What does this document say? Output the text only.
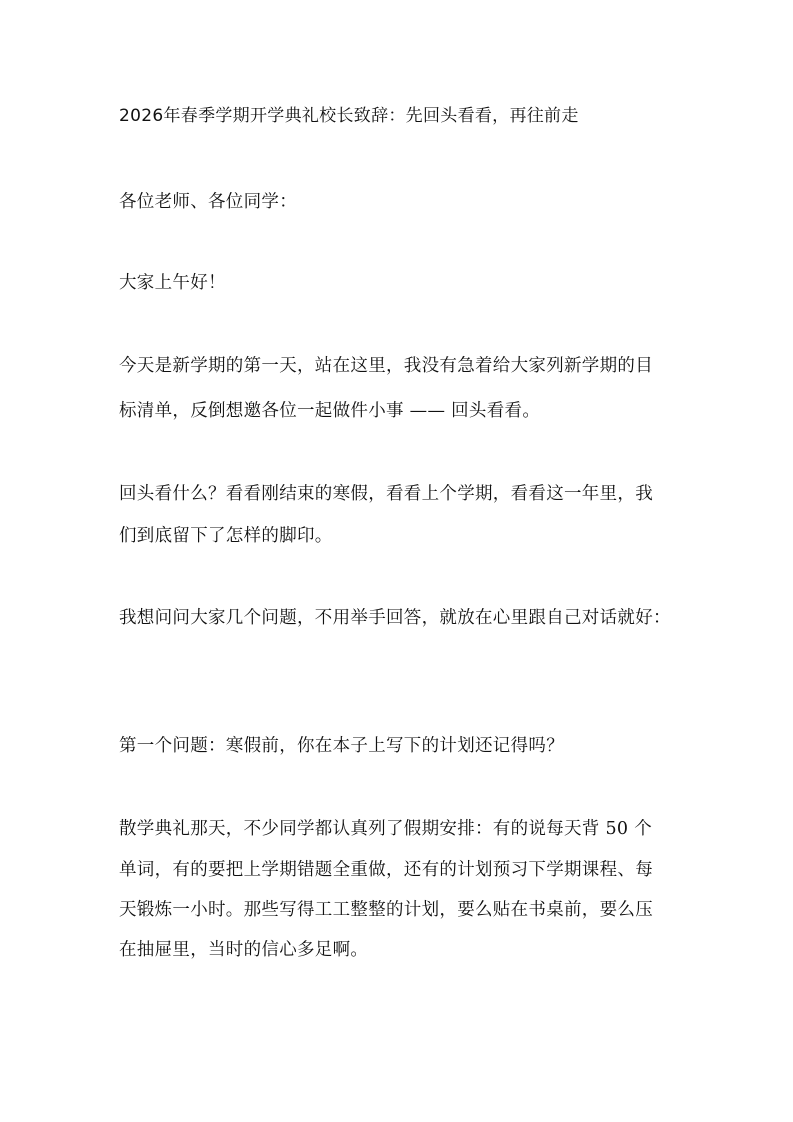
2026年春季学期开学典礼校长致辞：先回头看看，再往前走
各位老师、各位同学：
大家上午好！
今天是新学期的第一天，站在这里，我没有急着给大家列新学期的目
标清单，反倒想邀各位一起做件小事 —— 回头看看。
回头看什么？看看刚结束的寒假，看看上个学期，看看这一年里，我
们到底留下了怎样的脚印。
我想问问大家几个问题，不用举手回答，就放在心里跟自己对话就好：
第一个问题：寒假前，你在本子上写下的计划还记得吗？
散学典礼那天，不少同学都认真列了假期安排：有的说每天背 50 个
单词，有的要把上学期错题全重做，还有的计划预习下学期课程、每
天锻炼一小时。那些写得工工整整的计划，要么贴在书桌前，要么压
在抽屉里，当时的信心多足啊。
